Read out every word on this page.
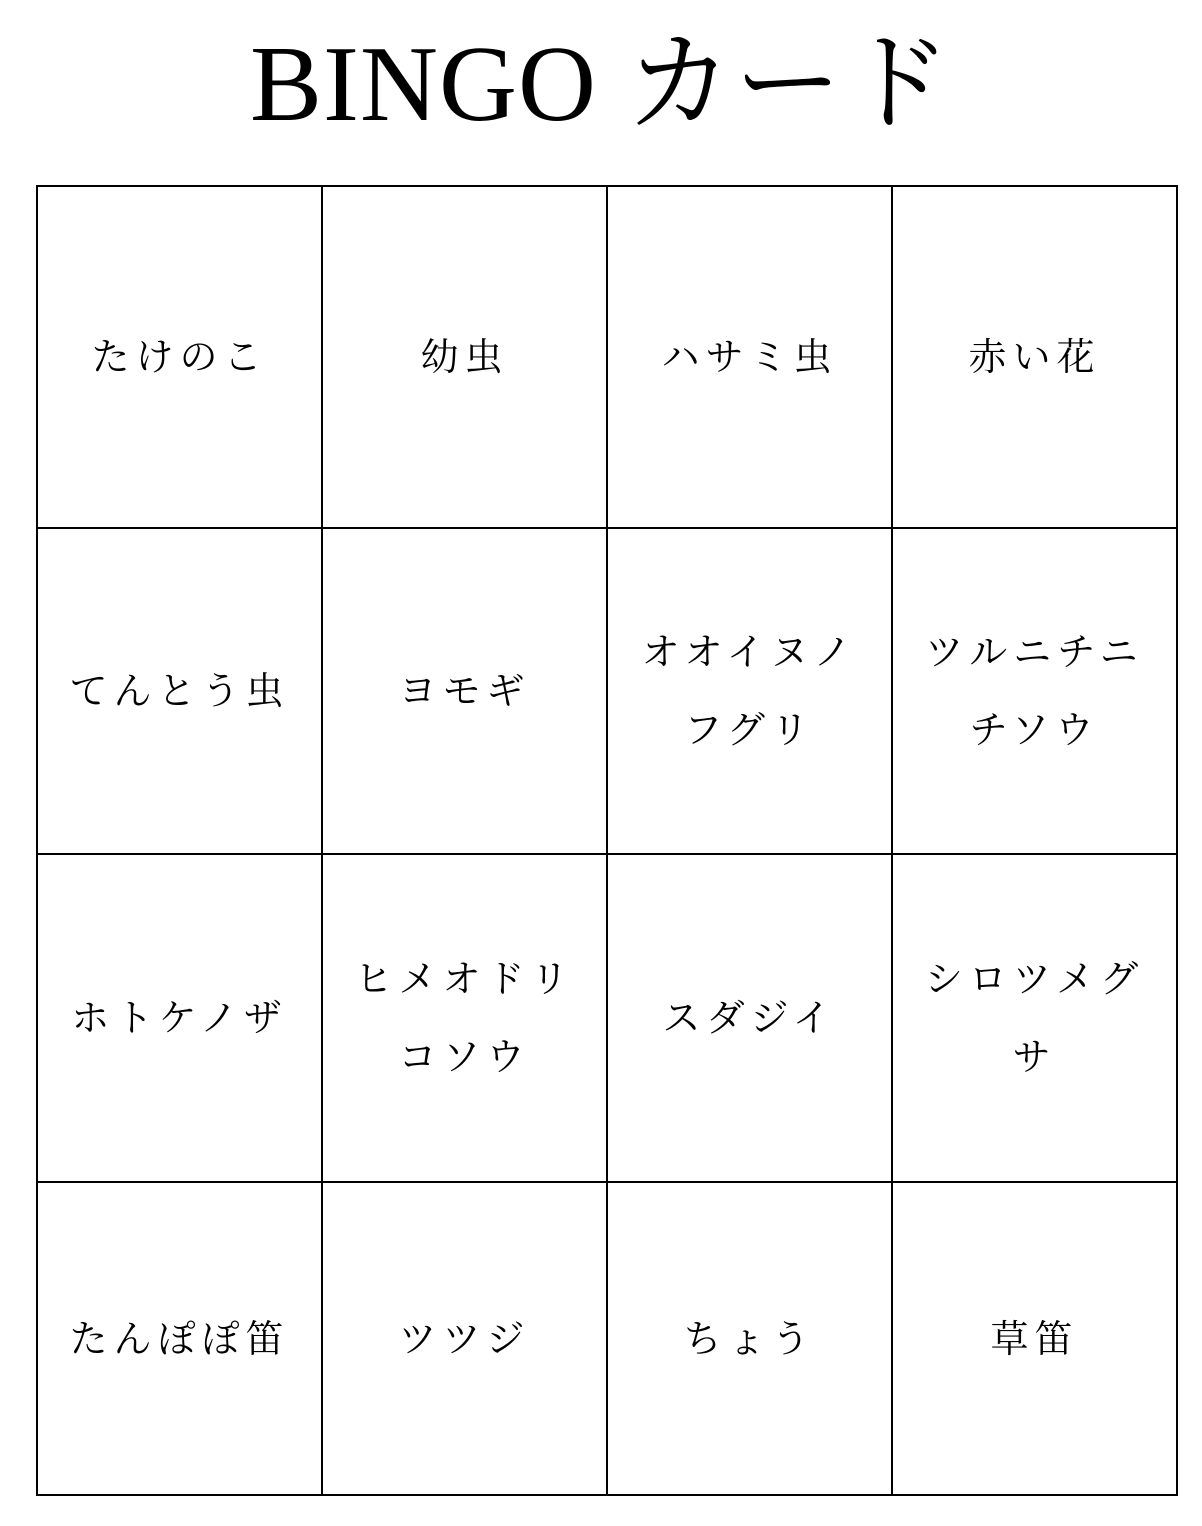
BINGO カード
たけのこ	幼虫	ハサミ虫	赤い花
てんとう虫	ヨモギ	オオイヌノフグリ	ツルニチニチソウ
ホトケノザ	ヒメオドリコソウ	スダジイ	シロツメグサ
たんぽぽ笛	ツツジ	ちょう	草笛
